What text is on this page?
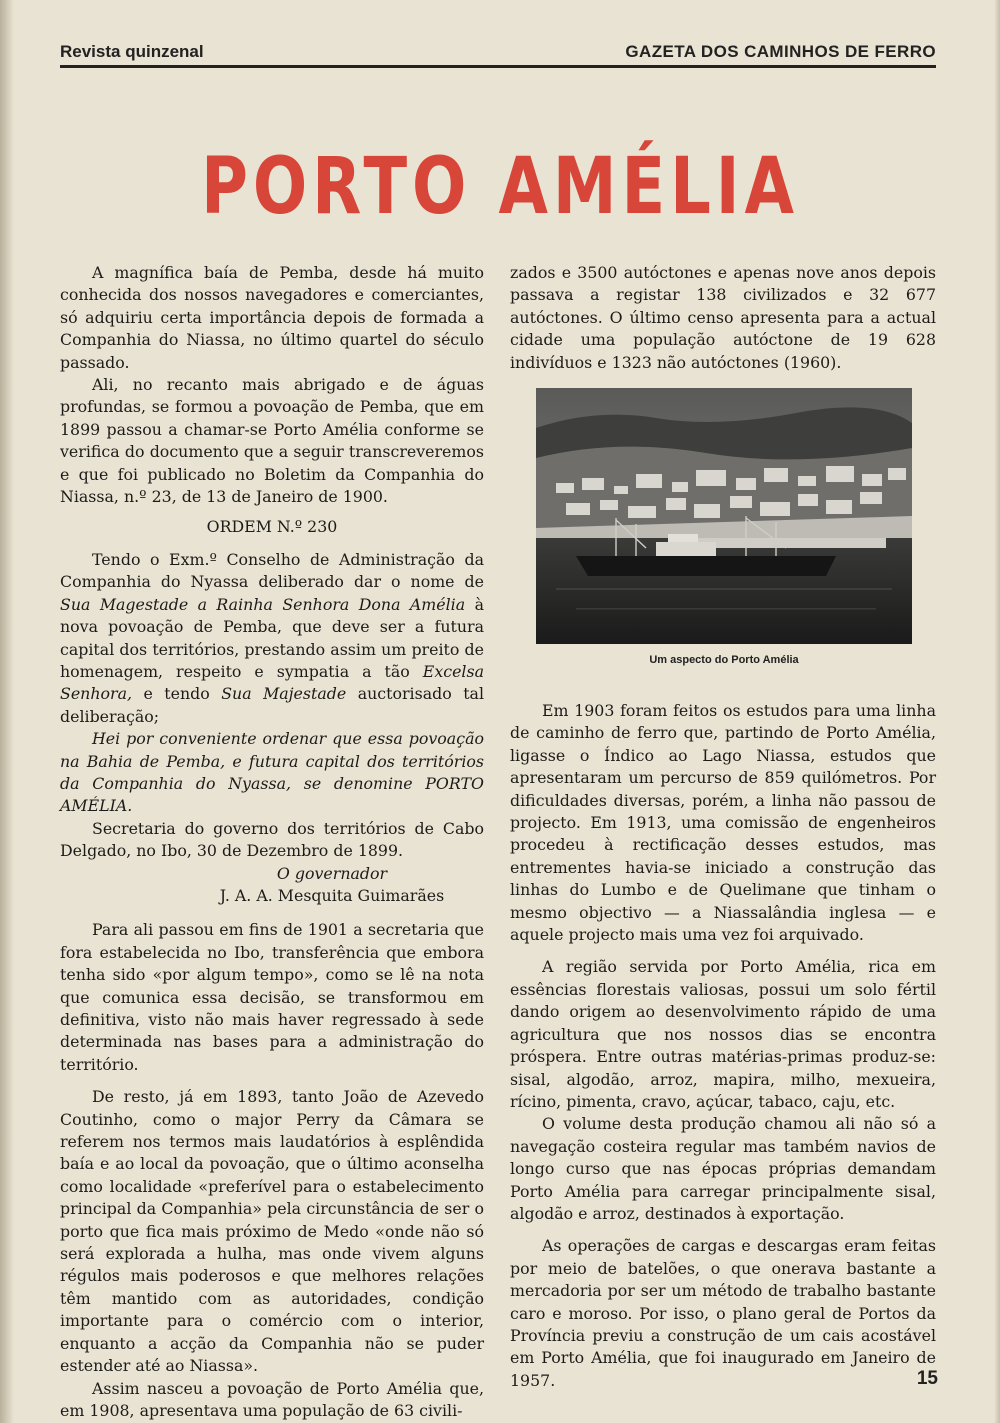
Revista quinzenal	GAZETA DOS CAMINHOS DE FERRO
PORTO AMÉLIA

A magnífica baía de Pemba, desde há muito conhecida dos nossos navegadores e comerciantes, só adquiriu certa importância depois de formada a Companhia do Niassa, no último quartel do século passado.

Ali, no recanto mais abrigado e de águas profundas, se formou a povoação de Pemba, que em 1899 passou a chamar-se Porto Amélia conforme se verifica do documento que a seguir transcreveremos e que foi publicado no Boletim da Companhia do Niassa, n.º 23, de 13 de Janeiro de 1900.

ORDEM N.º 230

Tendo o Exm.º Conselho de Administração da Companhia do Nyassa deliberado dar o nome de Sua Magestade a Rainha Senhora Dona Amélia à nova povoação de Pemba, que deve ser a futura capital dos territórios, prestando assim um preito de homenagem, respeito e sympatia a tão Excelsa Senhora, e tendo Sua Majestade auctorisado tal deliberação;

Hei por conveniente ordenar que essa povoação na Bahia de Pemba, e futura capital dos territórios da Companhia do Nyassa, se denomine PORTO AMÉLIA.

Secretaria do governo dos territórios de Cabo Delgado, no Ibo, 30 de Dezembro de 1899.

O governador

J. A. A. Mesquita Guimarães

Para ali passou em fins de 1901 a secretaria que fora estabelecida no Ibo, transferência que embora tenha sido «por algum tempo», como se lê na nota que comunica essa decisão, se transformou em definitiva, visto não mais haver regressado à sede determinada nas bases para a administração do território.

De resto, já em 1893, tanto João de Azevedo Coutinho, como o major Perry da Câmara se referem nos termos mais laudatórios à esplêndida baía e ao local da povoação, que o último aconselha como localidade «preferível para o estabelecimento principal da Companhia» pela circunstância de ser o porto que fica mais próximo de Medo «onde não só será explorada a hulha, mas onde vivem alguns régulos mais poderosos e que melhores relações têm mantido com as autoridades, condição importante para o comércio com o interior, enquanto a acção da Companhia não se puder estender até ao Niassa».

Assim nasceu a povoação de Porto Amélia que, em 1908, apresentava uma população de 63 civili-

zados e 3500 autóctones e apenas nove anos depois passava a registar 138 civilizados e 32 677 autóctones. O último censo apresenta para a actual cidade uma população autóctone de 19 628 indivíduos e 1323 não autóctones (1960).

Um aspecto do Porto Amélia

Em 1903 foram feitos os estudos para uma linha de caminho de ferro que, partindo de Porto Amélia, ligasse o Índico ao Lago Niassa, estudos que apresentaram um percurso de 859 quilómetros. Por dificuldades diversas, porém, a linha não passou de projecto. Em 1913, uma comissão de engenheiros procedeu à rectificação desses estudos, mas entrementes havia-se iniciado a construção das linhas do Lumbo e de Quelimane que tinham o mesmo objectivo — a Niassalândia inglesa — e aquele projecto mais uma vez foi arquivado.

A região servida por Porto Amélia, rica em essências florestais valiosas, possui um solo fértil dando origem ao desenvolvimento rápido de uma agricultura que nos nossos dias se encontra próspera. Entre outras matérias-primas produz-se: sisal, algodão, arroz, mapira, milho, mexueira, rícino, pimenta, cravo, açúcar, tabaco, caju, etc.

O volume desta produção chamou ali não só a navegação costeira regular mas também navios de longo curso que nas épocas próprias demandam Porto Amélia para carregar principalmente sisal, algodão e arroz, destinados à exportação.

As operações de cargas e descargas eram feitas por meio de batelões, o que onerava bastante a mercadoria por ser um método de trabalho bastante caro e moroso. Por isso, o plano geral de Portos da Província previu a construção de um cais acostável em Porto Amélia, que foi inaugurado em Janeiro de 1957.	15
